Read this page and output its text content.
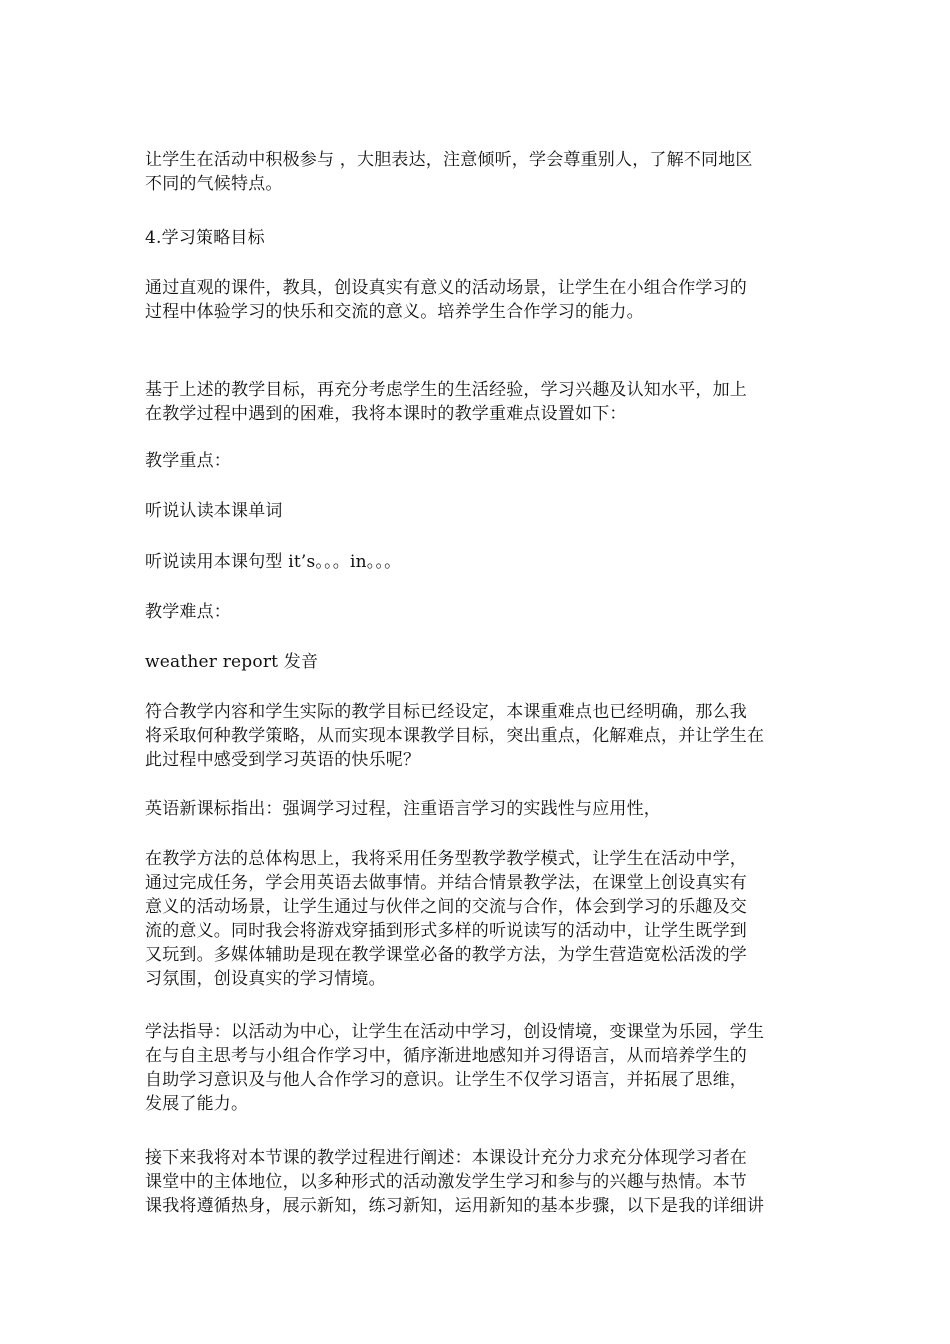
让学生在活动中积极参与 ，大胆表达，注意倾听，学会尊重别人，了解不同地区
不同的气候特点。
4.学习策略目标
通过直观的课件，教具，创设真实有意义的活动场景，让学生在小组合作学习的
过程中体验学习的快乐和交流的意义。培养学生合作学习的能力。
基于上述的教学目标，再充分考虑学生的生活经验，学习兴趣及认知水平，加上
在教学过程中遇到的困难，我将本课时的教学重难点设置如下：
教学重点：
听说认读本课单词
听说读用本课句型 it’s。。。in。。。
教学难点：
weather report 发音
符合教学内容和学生实际的教学目标已经设定，本课重难点也已经明确，那么我
将采取何种教学策略，从而实现本课教学目标，突出重点，化解难点，并让学生在
此过程中感受到学习英语的快乐呢？
英语新课标指出：强调学习过程，注重语言学习的实践性与应用性，
在教学方法的总体构思上，我将采用任务型教学教学模式，让学生在活动中学，
通过完成任务，学会用英语去做事情。并结合情景教学法，在课堂上创设真实有
意义的活动场景，让学生通过与伙伴之间的交流与合作，体会到学习的乐趣及交
流的意义。同时我会将游戏穿插到形式多样的听说读写的活动中，让学生既学到
又玩到。多媒体辅助是现在教学课堂必备的教学方法，为学生营造宽松活泼的学
习氛围，创设真实的学习情境。
学法指导：以活动为中心，让学生在活动中学习，创设情境，变课堂为乐园，学生
在与自主思考与小组合作学习中，循序渐进地感知并习得语言，从而培养学生的
自助学习意识及与他人合作学习的意识。让学生不仅学习语言，并拓展了思维，
发展了能力。
接下来我将对本节课的教学过程进行阐述：本课设计充分力求充分体现学习者在
课堂中的主体地位，以多种形式的活动激发学生学习和参与的兴趣与热情。本节
课我将遵循热身，展示新知，练习新知，运用新知的基本步骤，以下是我的详细讲
